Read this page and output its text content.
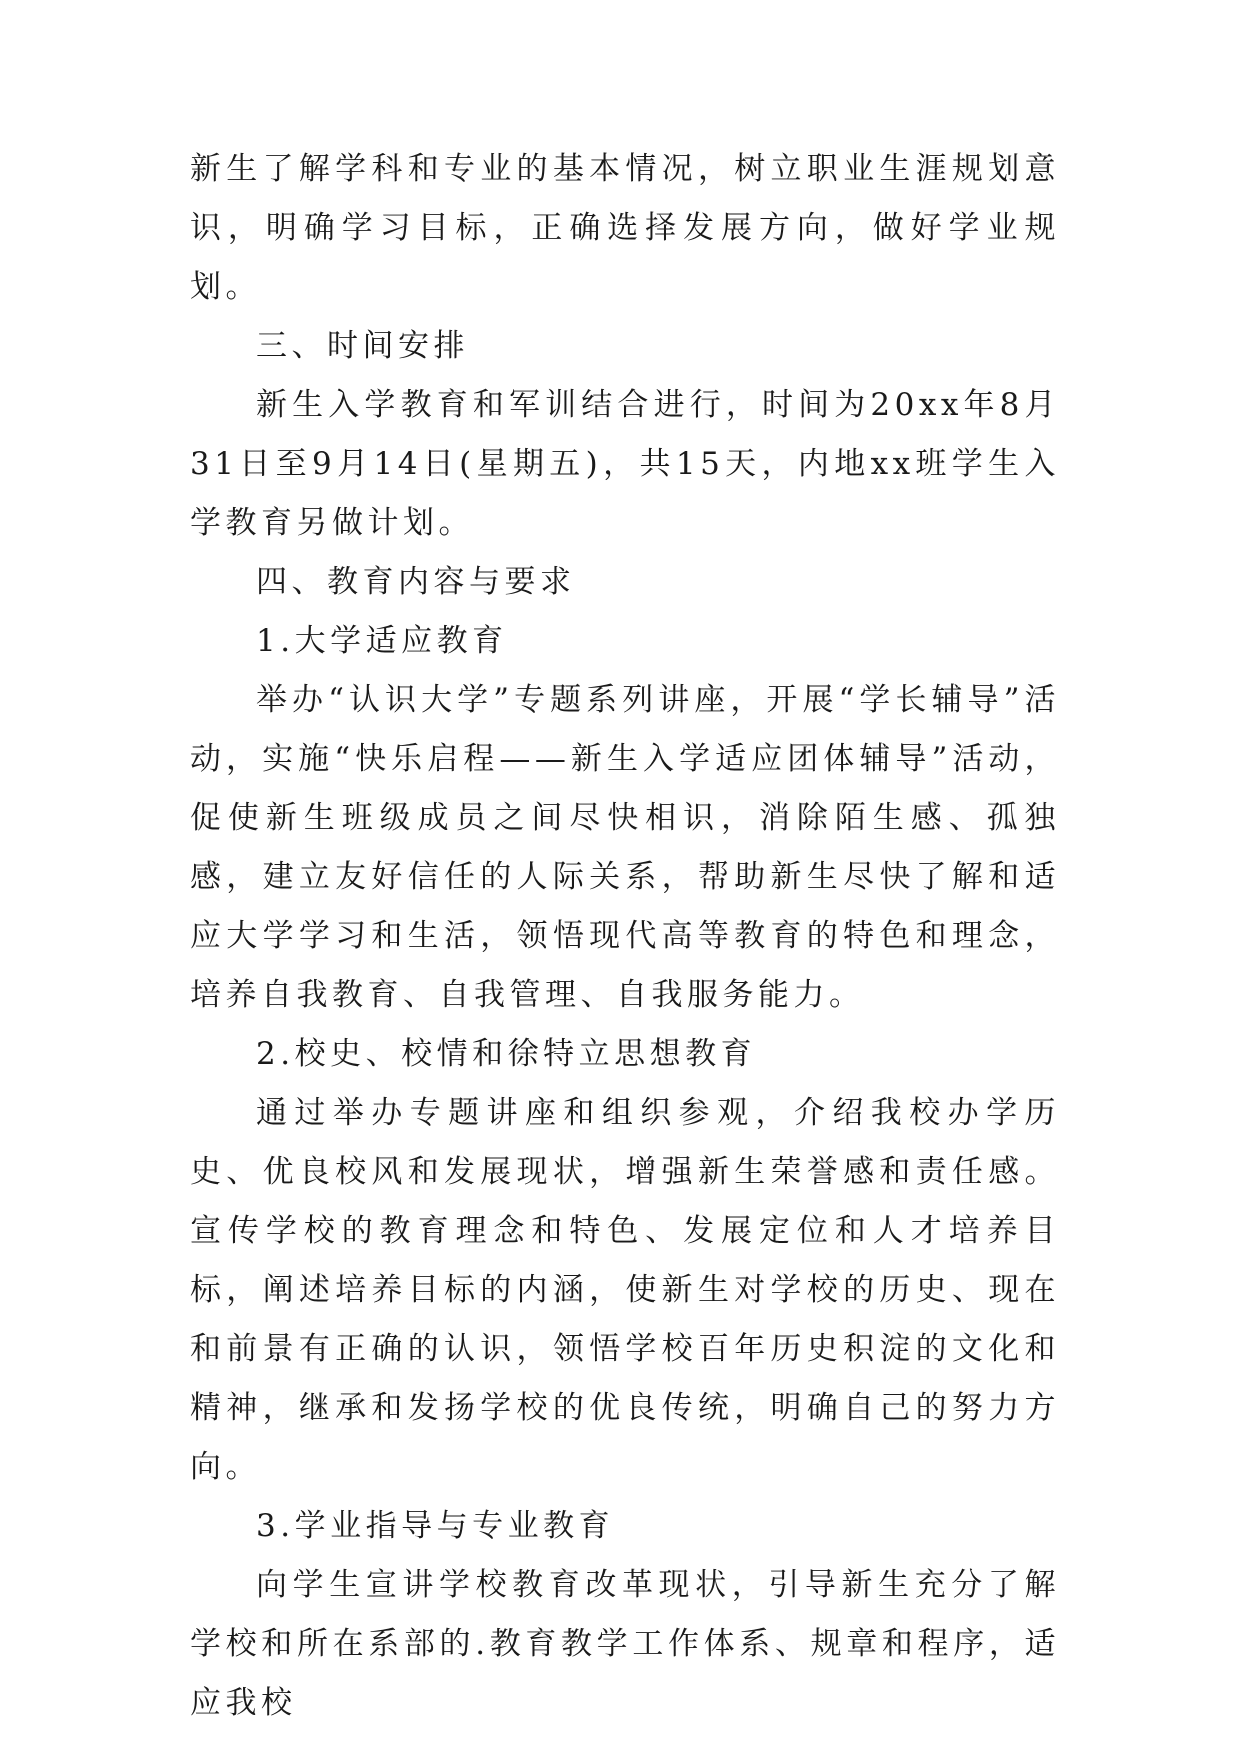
新生了解学科和专业的基本情况，树立职业生涯规划意识，明确学习目标，正确选择发展方向，做好学业规划。

三、时间安排

新生入学教育和军训结合进行，时间为20xx年8月31日至9月14日(星期五)，共15天，内地xx班学生入学教育另做计划。

四、教育内容与要求

1.大学适应教育

举办“认识大学”专题系列讲座，开展“学长辅导”活动，实施“快乐启程——新生入学适应团体辅导”活动，促使新生班级成员之间尽快相识，消除陌生感、孤独感，建立友好信任的人际关系，帮助新生尽快了解和适应大学学习和生活，领悟现代高等教育的特色和理念，培养自我教育、自我管理、自我服务能力。

2.校史、校情和徐特立思想教育

通过举办专题讲座和组织参观，介绍我校办学历史、优良校风和发展现状，增强新生荣誉感和责任感。宣传学校的教育理念和特色、发展定位和人才培养目标，阐述培养目标的内涵，使新生对学校的历史、现在和前景有正确的认识，领悟学校百年历史积淀的文化和精神，继承和发扬学校的优良传统，明确自己的努力方向。

3.学业指导与专业教育

向学生宣讲学校教育改革现状，引导新生充分了解学校和所在系部的.教育教学工作体系、规章和程序，适应我校
